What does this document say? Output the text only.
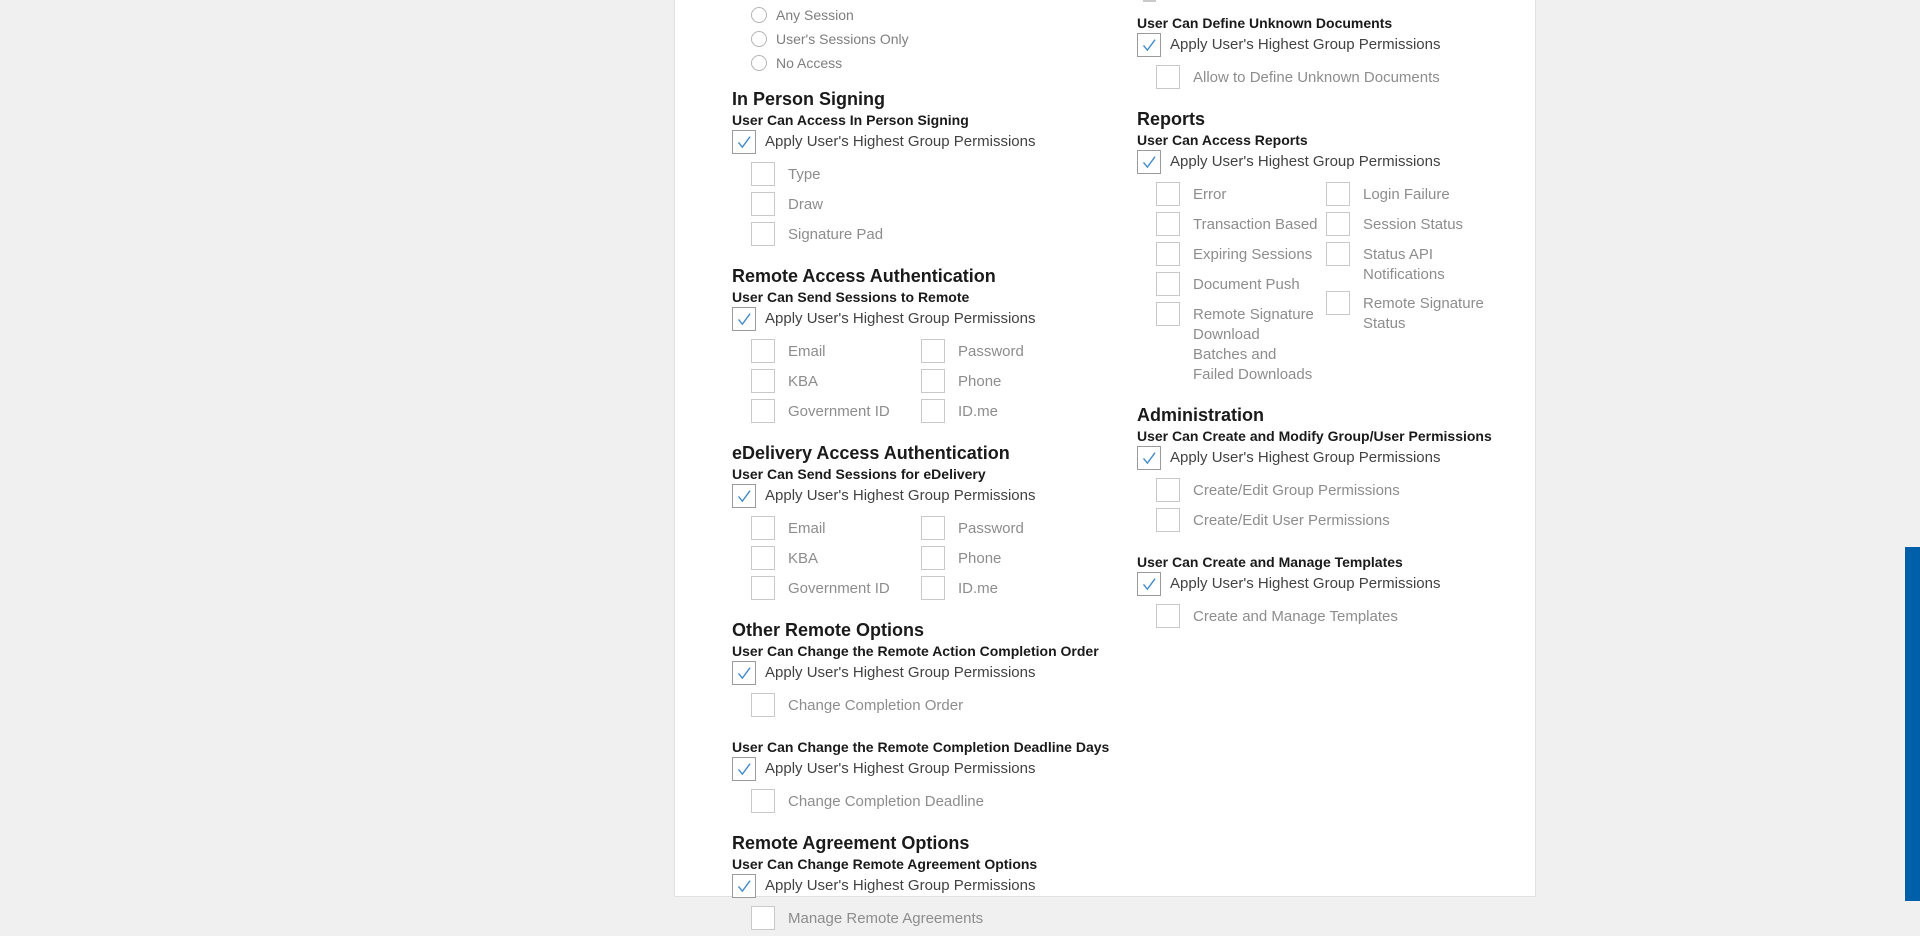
Any Session
User's Sessions Only
No Access
In Person Signing
User Can Access In Person Signing
Apply User's Highest Group Permissions
Type
Draw
Signature Pad
Remote Access Authentication
User Can Send Sessions to Remote
Apply User's Highest Group Permissions
Email
KBA
Government ID
Password
Phone
ID.me
eDelivery Access Authentication
User Can Send Sessions for eDelivery
Apply User's Highest Group Permissions
Email
KBA
Government ID
Password
Phone
ID.me
Other Remote Options
User Can Change the Remote Action Completion Order
Apply User's Highest Group Permissions
Change Completion Order
User Can Change the Remote Completion Deadline Days
Apply User's Highest Group Permissions
Change Completion Deadline
Remote Agreement Options
User Can Change Remote Agreement Options
Apply User's Highest Group Permissions
Manage Remote Agreements
User Can Define Unknown Documents
Apply User's Highest Group Permissions
Allow to Define Unknown Documents
Reports
User Can Access Reports
Apply User's Highest Group Permissions
Error
Transaction Based
Expiring Sessions
Document Push
Remote Signature Download Batches and Failed Downloads
Login Failure
Session Status
Status API Notifications
Remote Signature Status
Administration
User Can Create and Modify Group/User Permissions
Apply User's Highest Group Permissions
Create/Edit Group Permissions
Create/Edit User Permissions
User Can Create and Manage Templates
Apply User's Highest Group Permissions
Create and Manage Templates
